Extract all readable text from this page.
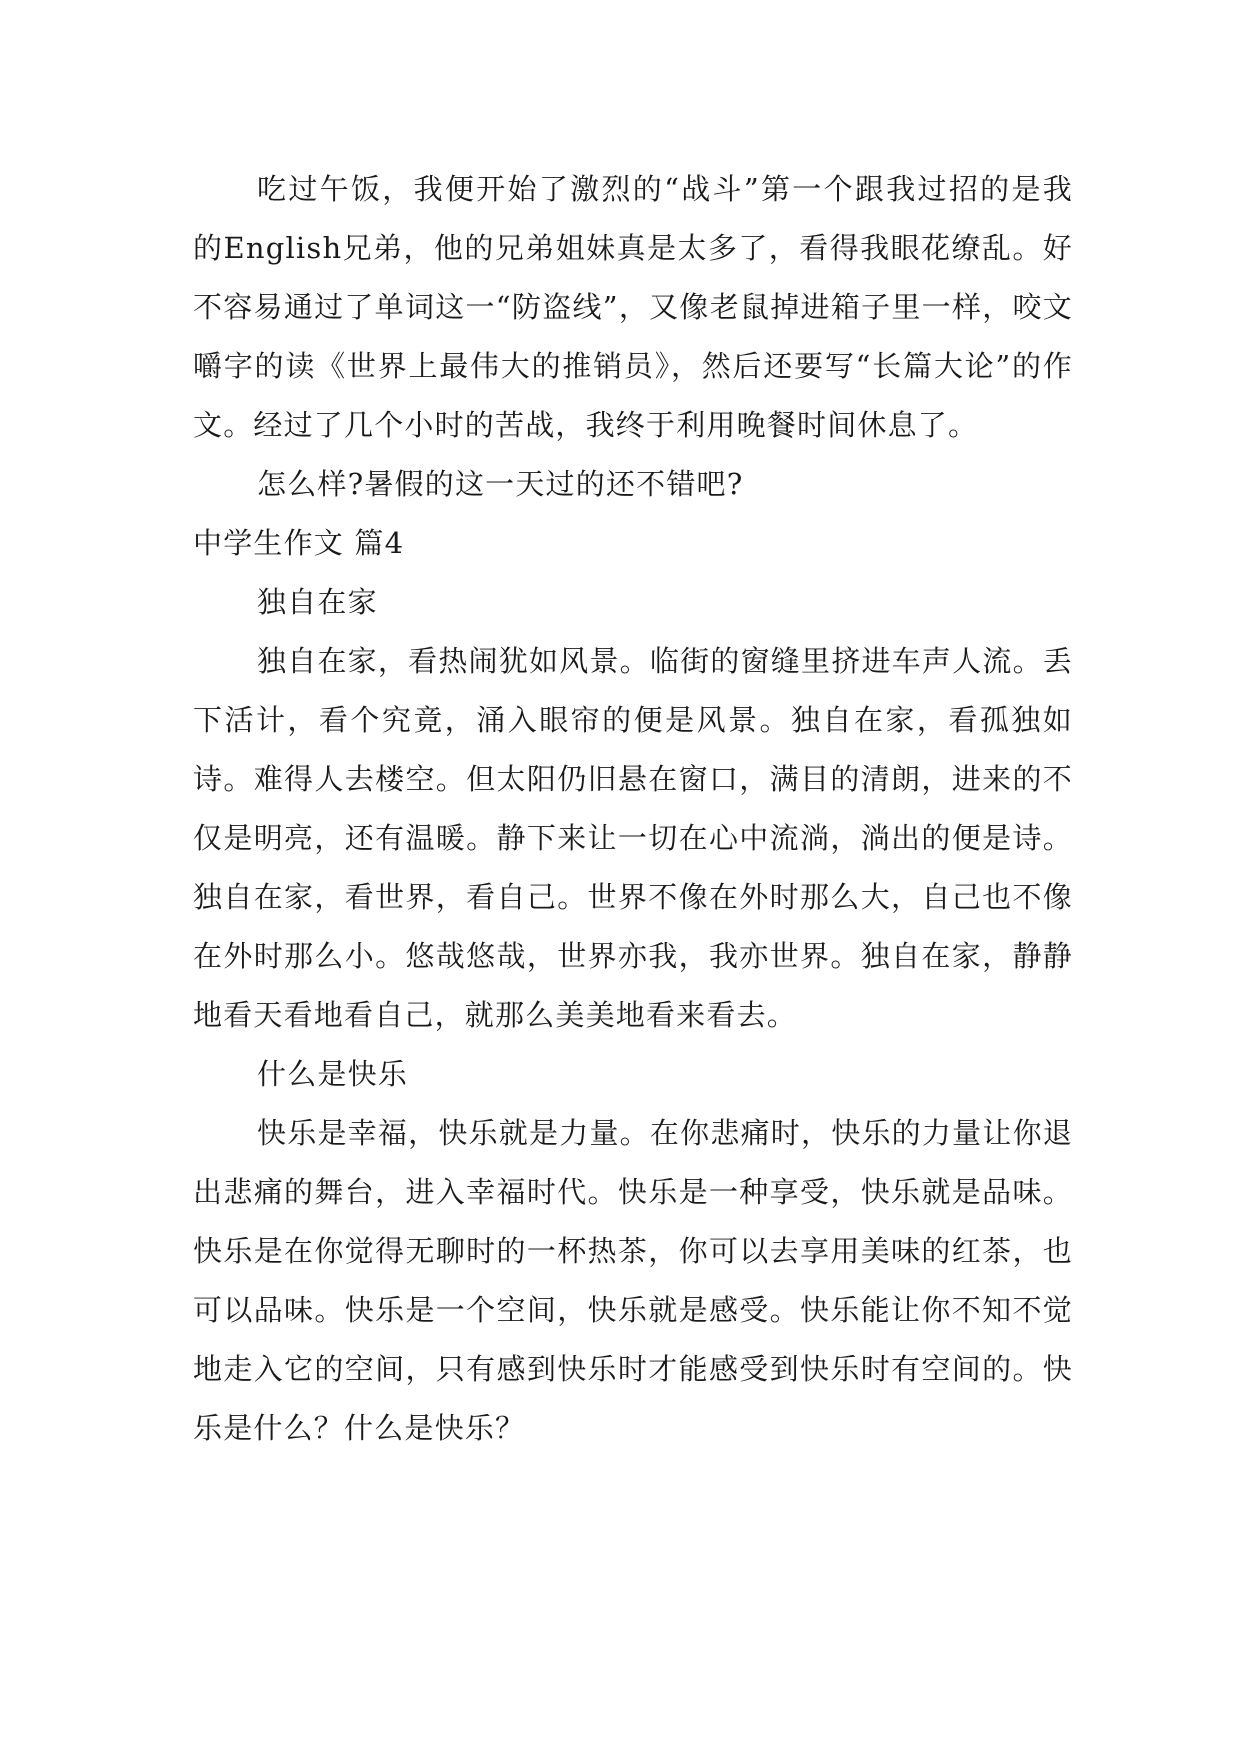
吃过午饭，我便开始了激烈的“战斗”第一个跟我过招的是我的English兄弟，他的兄弟姐妹真是太多了，看得我眼花缭乱。好不容易通过了单词这一“防盗线”，又像老鼠掉进箱子里一样，咬文嚼字的读《世界上最伟大的推销员》，然后还要写“长篇大论”的作文。经过了几个小时的苦战，我终于利用晚餐时间休息了。

怎么样?暑假的这一天过的还不错吧?

中学生作文 篇4

独自在家

独自在家，看热闹犹如风景。临街的窗缝里挤进车声人流。丢下活计，看个究竟，涌入眼帘的便是风景。独自在家，看孤独如诗。难得人去楼空。但太阳仍旧悬在窗口，满目的清朗，进来的不仅是明亮，还有温暖。静下来让一切在心中流淌，淌出的便是诗。独自在家，看世界，看自己。世界不像在外时那么大，自己也不像在外时那么小。悠哉悠哉，世界亦我，我亦世界。独自在家，静静地看天看地看自己，就那么美美地看来看去。

什么是快乐

快乐是幸福，快乐就是力量。在你悲痛时，快乐的力量让你退出悲痛的舞台，进入幸福时代。快乐是一种享受，快乐就是品味。快乐是在你觉得无聊时的一杯热茶，你可以去享用美味的红茶，也可以品味。快乐是一个空间，快乐就是感受。快乐能让你不知不觉地走入它的空间，只有感到快乐时才能感受到快乐时有空间的。快乐是什么？什么是快乐？
